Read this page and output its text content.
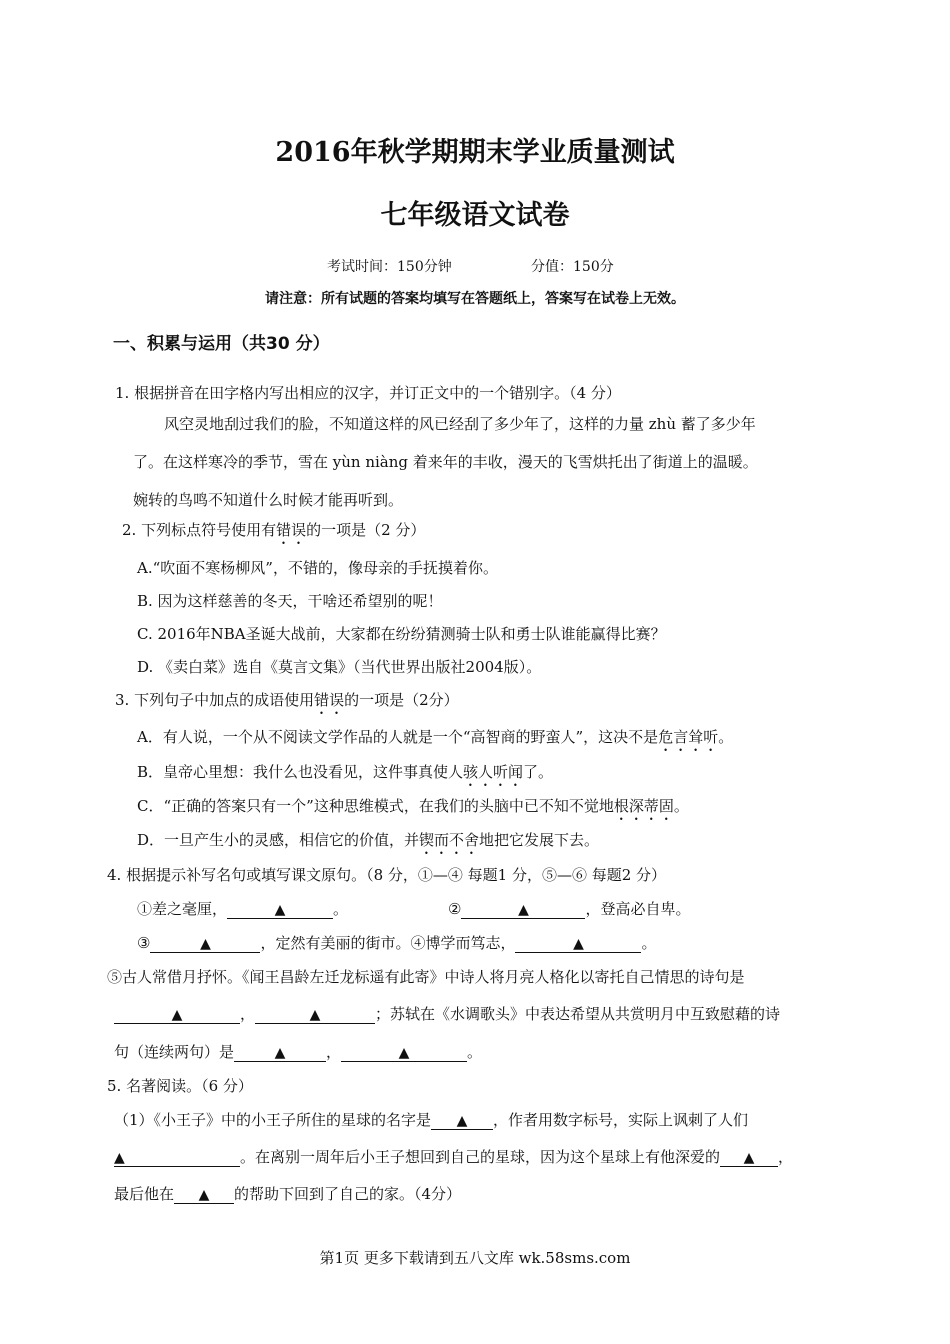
2016年秋学期期末学业质量测试
七年级语文试卷
考试时间：150分钟	分值：150分
请注意：所有试题的答案均填写在答题纸上，答案写在试卷上无效。
一、积累与运用（共30 分）
1. 根据拼音在田字格内写出相应的汉字，并订正文中的一个错别字。（4 分）
风空灵地刮过我们的脸，不知道这样的风已经刮了多少年了，这样的力量 zhù 蓄了多少年
了。在这样寒冷的季节，雪在 yùn niàng 着来年的丰收，漫天的飞雪烘托出了街道上的温暖。
婉转的鸟鸣不知道什么时候才能再听到。
2. 下列标点符号使用有错误的一项是（2 分）
A.“吹面不寒杨柳风”，不错的，像母亲的手抚摸着你。
B. 因为这样慈善的冬天，干啥还希望别的呢！
C. 2016年NBA圣诞大战前，大家都在纷纷猜测骑士队和勇士队谁能赢得比赛？
D. 《卖白菜》选自《莫言文集》（当代世界出版社2004版）。
3. 下列句子中加点的成语使用错误的一项是（2分）
A．有人说，一个从不阅读文学作品的人就是一个“高智商的野蛮人”，这决不是危言耸听。
B．皇帝心里想：我什么也没看见，这件事真使人骇人听闻了。
C．“正确的答案只有一个”这种思维模式，在我们的头脑中已不知不觉地根深蒂固。
D．一旦产生小的灵感，相信它的价值，并锲而不舍地把它发展下去。
4. 根据提示补写名句或填写课文原句。（8 分，①—④ 每题1 分，⑤—⑥ 每题2 分）
①差之毫厘，	▲	。	②	▲	，登高必自卑。
③	▲	，定然有美丽的街市。④博学而笃志，	▲	。
⑤古人常借月抒怀。《闻王昌龄左迁龙标遥有此寄》中诗人将月亮人格化以寄托自己情思的诗句是
▲	，	▲	；苏轼在《水调歌头》中表达希望从共赏明月中互致慰藉的诗
句（连续两句）是	▲	，	▲	。
5. 名著阅读。（6 分）
（1）《小王子》中的小王子所住的星球的名字是 ▲ ，作者用数字标号，实际上讽刺了人们
▲	。在离别一周年后小王子想回到自己的星球，因为这个星球上有他深爱的 ▲ ，
最后他在 ▲ 的帮助下回到了自己的家。（4分）
第1页 更多下载请到五八文库 wk.58sms.com
